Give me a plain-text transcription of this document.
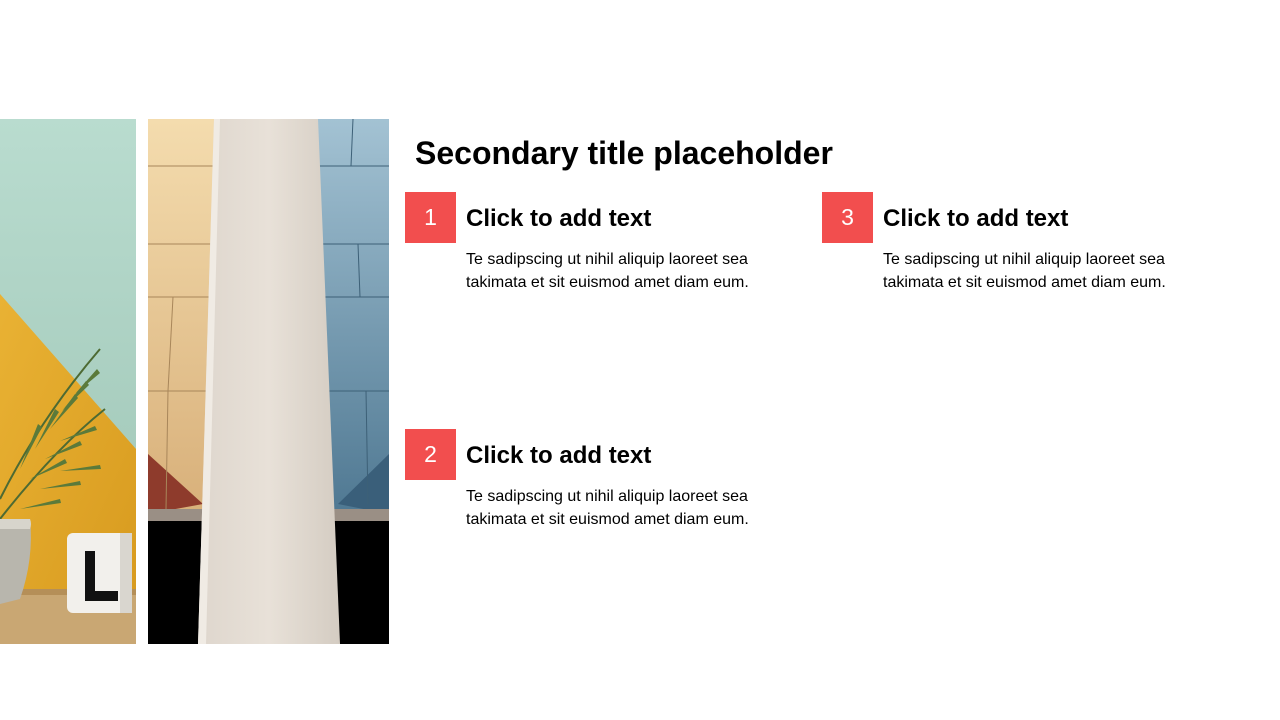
Secondary title placeholder
1	Click to add text
Te sadipscing ut nihil aliquip laoreet sea takimata et sit euismod amet diam eum.
2	Click to add text
Te sadipscing ut nihil aliquip laoreet sea takimata et sit euismod amet diam eum.
3	Click to add text
Te sadipscing ut nihil aliquip laoreet sea takimata et sit euismod amet diam eum.
